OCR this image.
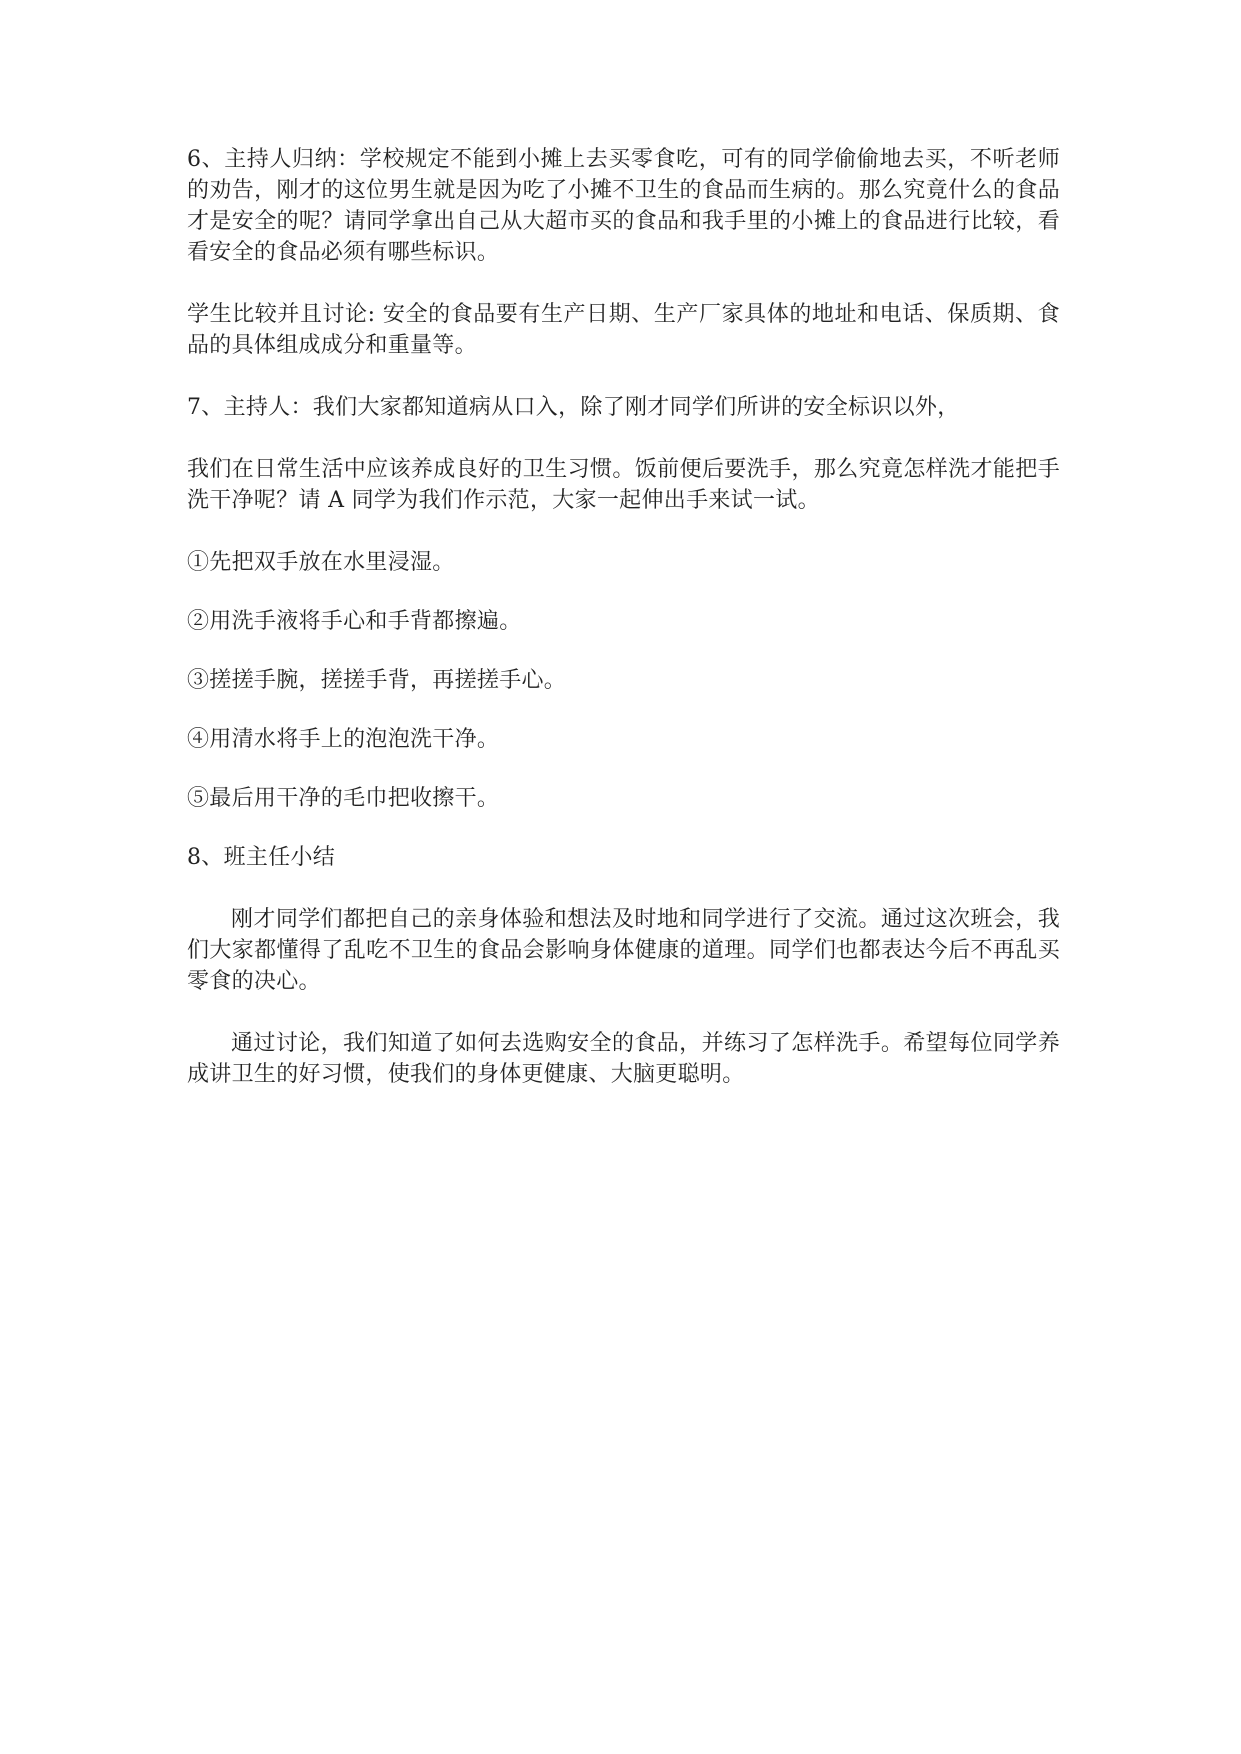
6、主持人归纳：学校规定不能到小摊上去买零食吃，可有的同学偷偷地去买，不听老师的劝告，刚才的这位男生就是因为吃了小摊不卫生的食品而生病的。那么究竟什么的食品才是安全的呢？请同学拿出自己从大超市买的食品和我手里的小摊上的食品进行比较，看看安全的食品必须有哪些标识。

学生比较并且讨论: 安全的食品要有生产日期、生产厂家具体的地址和电话、保质期、食品的具体组成成分和重量等。

7、主持人：我们大家都知道病从口入，除了刚才同学们所讲的安全标识以外，

我们在日常生活中应该养成良好的卫生习惯。饭前便后要洗手，那么究竟怎样洗才能把手洗干净呢？请 A 同学为我们作示范，大家一起伸出手来试一试。

①先把双手放在水里浸湿。

②用洗手液将手心和手背都擦遍。

③搓搓手腕，搓搓手背，再搓搓手心。

④用清水将手上的泡泡洗干净。

⑤最后用干净的毛巾把收擦干。

8、班主任小结

刚才同学们都把自己的亲身体验和想法及时地和同学进行了交流。通过这次班会，我们大家都懂得了乱吃不卫生的食品会影响身体健康的道理。同学们也都表达今后不再乱买零食的决心。

通过讨论，我们知道了如何去选购安全的食品，并练习了怎样洗手。希望每位同学养成讲卫生的好习惯，使我们的身体更健康、大脑更聪明。
